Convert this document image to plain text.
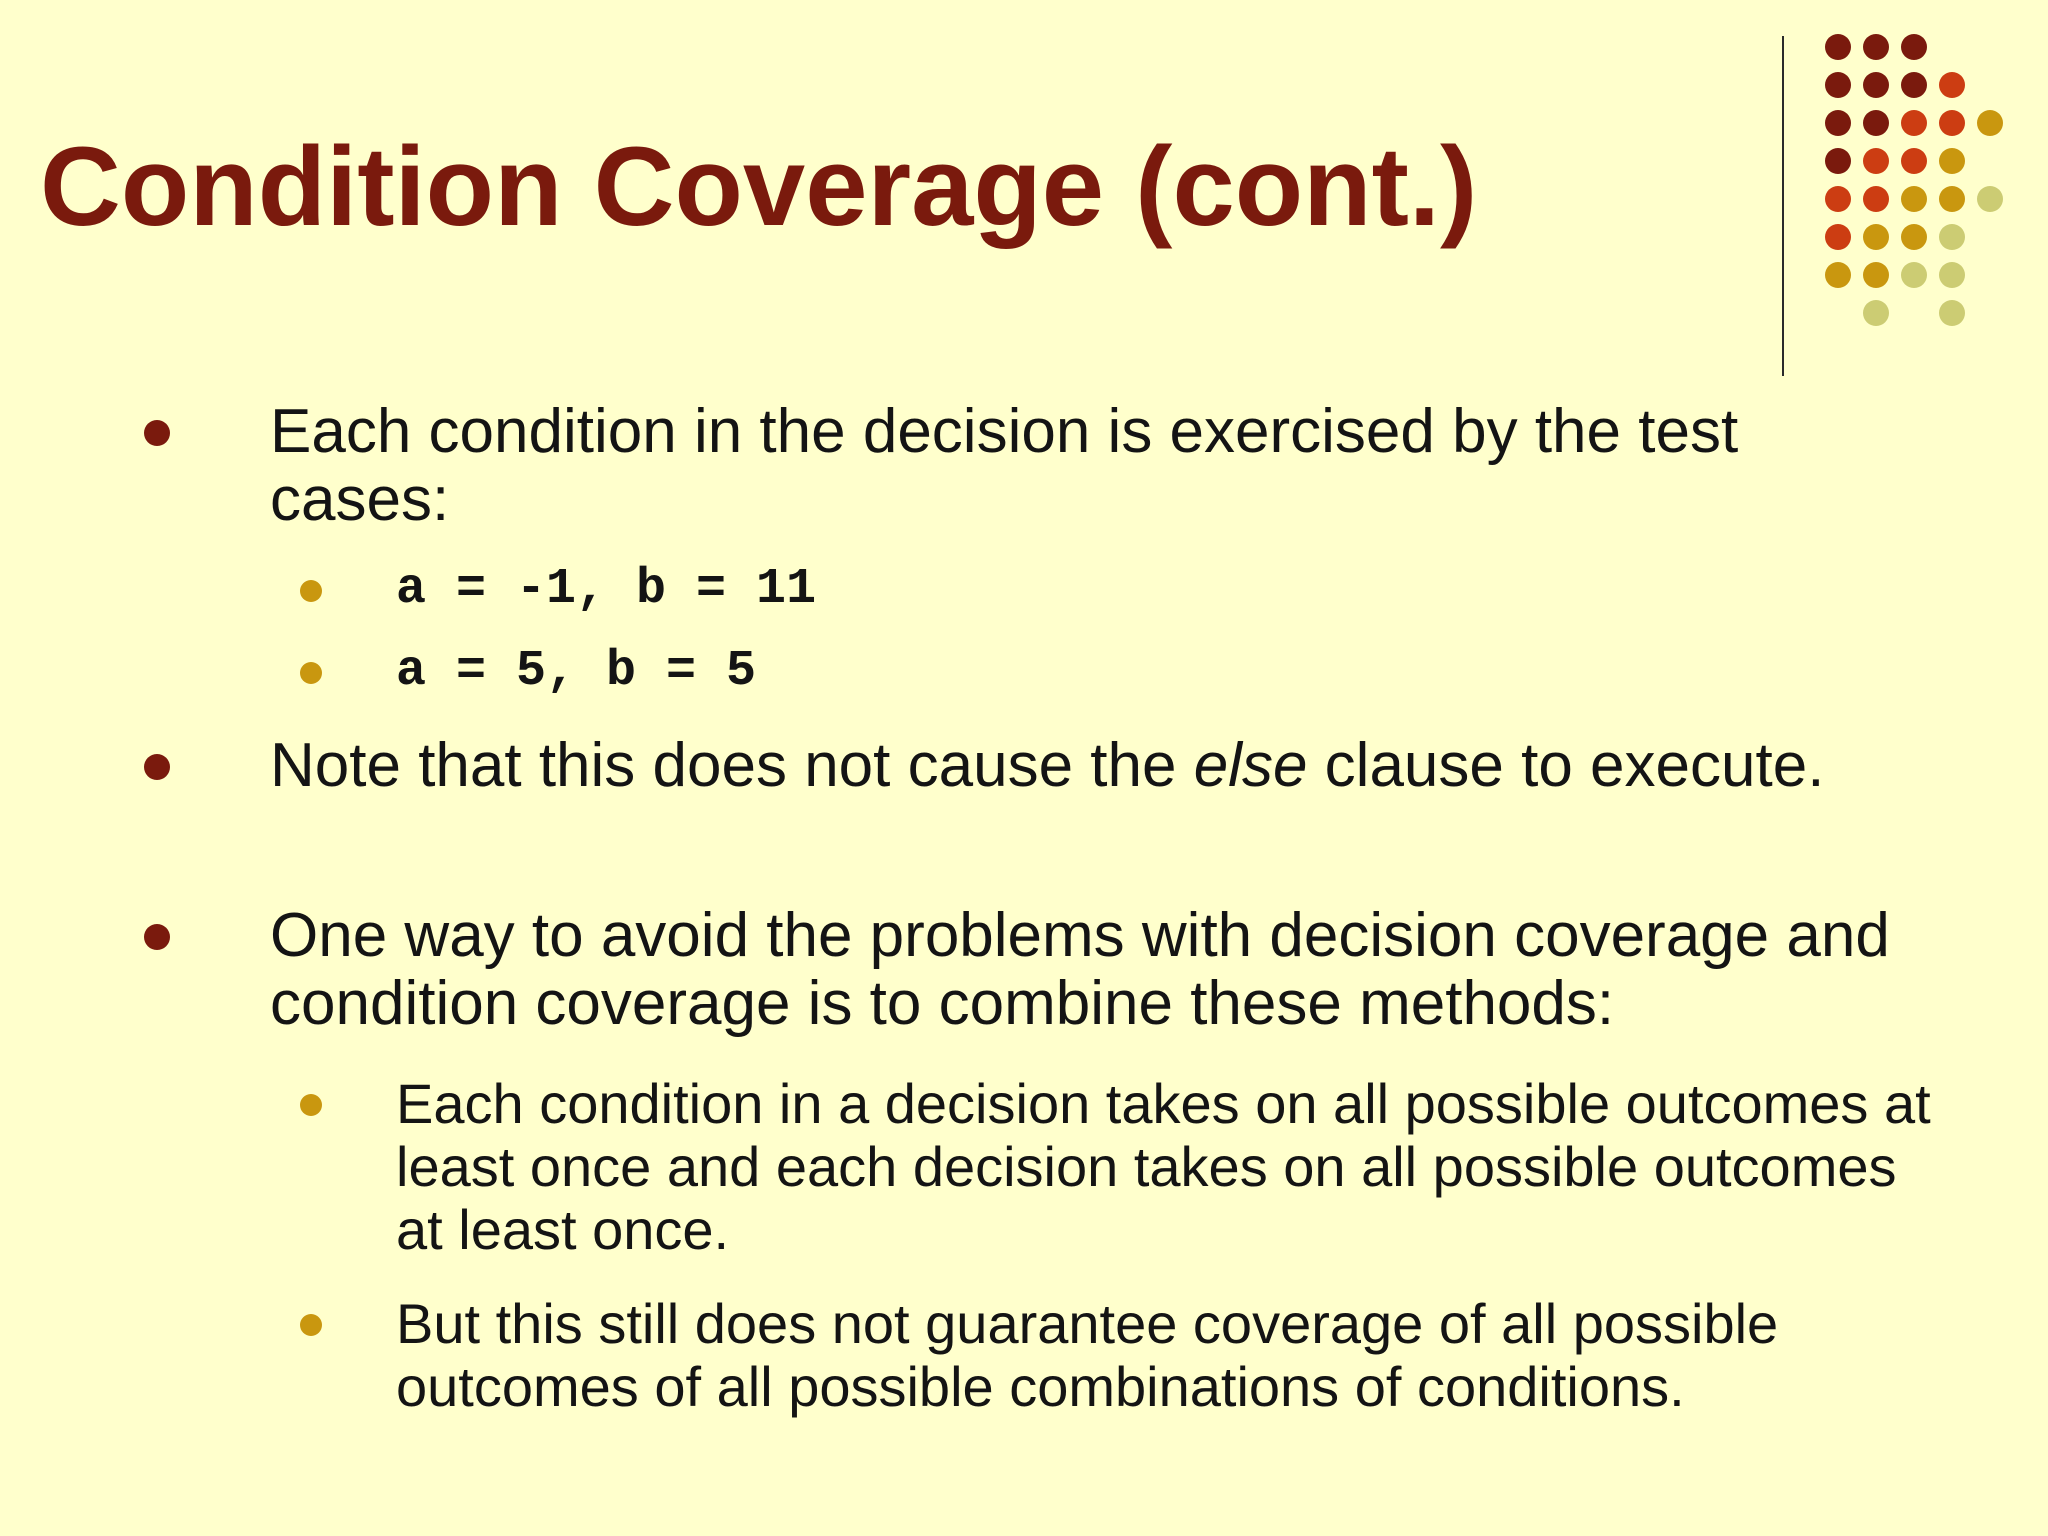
Condition Coverage (cont.)
Each condition in the decision is exercised by the test cases:
a = -1, b = 11
a = 5, b = 5
Note that this does not cause the else clause to execute.
One way to avoid the problems with decision coverage and condition coverage is to combine these methods:
Each condition in a decision takes on all possible outcomes at least once and each decision takes on all possible outcomes at least once.
But this still does not guarantee coverage of all possible outcomes of all possible combinations of conditions.
